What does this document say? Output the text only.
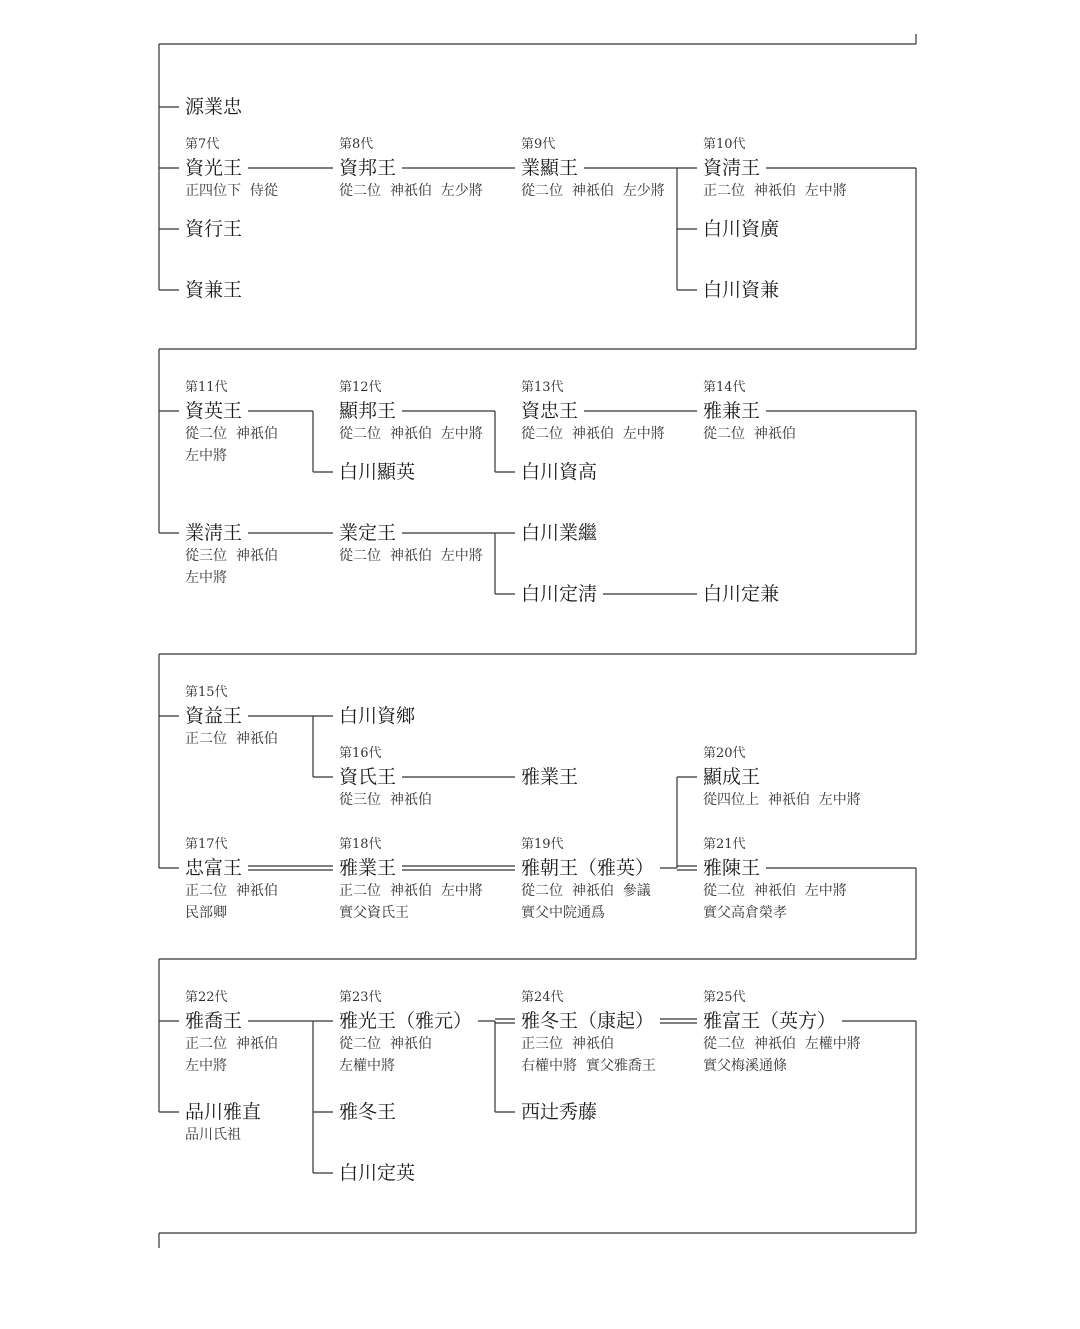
源業忠
第7代
資光王
正四位下  侍從
資行王
資兼王
第8代
資邦王
從二位  神祇伯  左少將
第9代
業顯王
從二位  神祇伯  左少將
第10代
資淸王
正二位  神祇伯  左中將
白川資廣
白川資兼
第11代
資英王
從二位  神祇伯
左中將
第12代
顯邦王
從二位  神祇伯  左中將
白川顯英
第13代
資忠王
從二位  神祇伯  左中將
白川資高
第14代
雅兼王
從二位  神祇伯
業淸王
從三位  神祇伯
左中將
業定王
從二位  神祇伯  左中將
白川業繼
白川定淸	白川定兼
第15代
資益王
正二位  神祇伯
白川資鄉
第16代
資氏王
從三位  神祇伯
雅業王
第20代
顯成王
從四位上  神祇伯  左中將
第17代
忠富王
正二位  神祇伯
民部卿
第18代
雅業王
正二位  神祇伯  左中將
實父資氏王
第19代
雅朝王（雅英）
從二位  神祇伯  參議
實父中院通爲
第21代
雅陳王
從二位  神祇伯  左中將
實父高倉榮孝
第22代
雅喬王
正二位  神祇伯
左中將
品川雅直
品川氏祖
第23代
雅光王（雅元）
從二位  神祇伯
左權中將
雅冬王
白川定英
第24代
雅冬王（康起）
正三位  神祇伯
右權中將  實父雅喬王
西辻秀藤
第25代
雅富王（英方）
從二位  神祇伯  左權中將
實父梅溪通條
